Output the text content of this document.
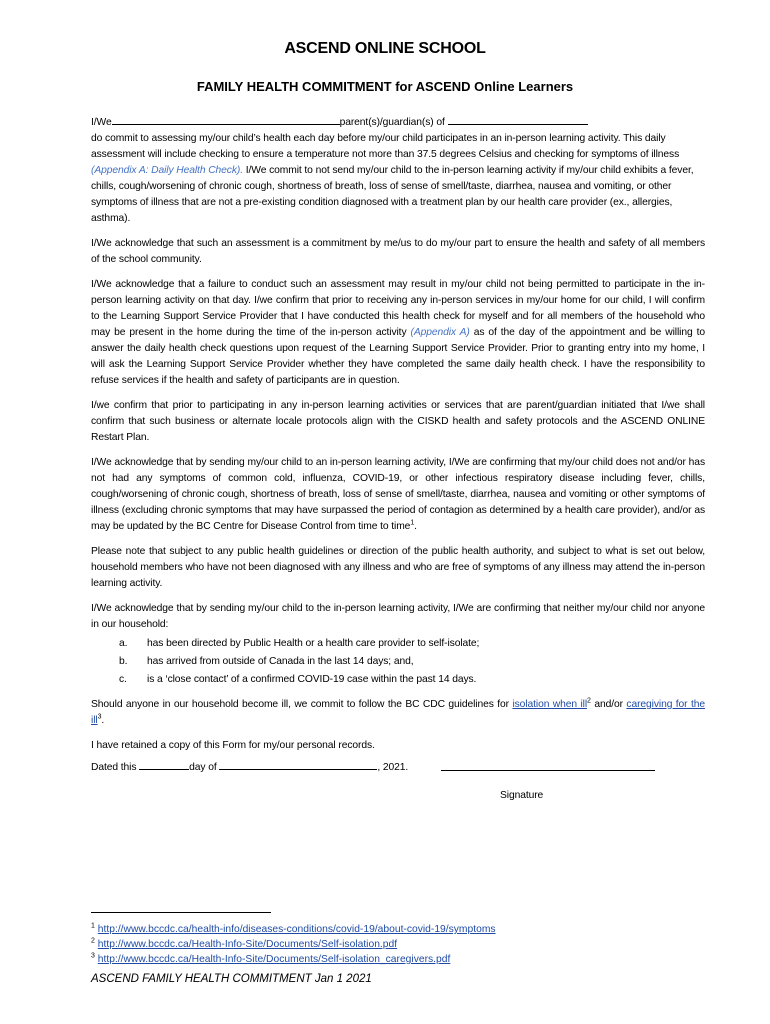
ASCEND ONLINE SCHOOL
FAMILY HEALTH COMMITMENT for ASCEND Online Learners

I/We	parent(s)/guardian(s) of
do commit to assessing my/our child’s health each day before my/our child participates in an in-person learning activity. This daily assessment will include checking to ensure a temperature not more than 37.5 degrees Celsius and checking for symptoms of illness (Appendix A: Daily Health Check). I/We commit to not send my/our child to the in-person learning activity if my/our child exhibits a fever, chills, cough/worsening of chronic cough, shortness of breath, loss of sense of smell/taste, diarrhea, nausea and vomiting, or other symptoms of illness that are not a pre-existing condition diagnosed with a treatment plan by our health care provider (ex., allergies, asthma).

I/We acknowledge that such an assessment is a commitment by me/us to do my/our part to ensure the health and safety of all members of the school community.

I/We acknowledge that a failure to conduct such an assessment may result in my/our child not being permitted to participate in the in-person learning activity on that day. I/we confirm that prior to receiving any in-person services in my/our home for our child, I will confirm to the Learning Support Service Provider that I have conducted this health check for myself and for all members of the household who may be present in the home during the time of the in-person activity (Appendix A) as of the day of the appointment and be willing to answer the daily health check questions upon request of the Learning Support Service Provider. Prior to granting entry into my home, I will ask the Learning Support Service Provider whether they have completed the same daily health check. I have the responsibility to refuse services if the health and safety of participants are in question.

I/we confirm that prior to participating in any in-person learning activities or services that are parent/guardian initiated that I/we shall confirm that such business or alternate locale protocols align with the CISKD health and safety protocols and the ASCEND ONLINE Restart Plan.

I/We acknowledge that by sending my/our child to an in-person learning activity, I/We are confirming that my/our child does not and/or has not had any symptoms of common cold, influenza, COVID-19, or other infectious respiratory disease including fever, chills, cough/worsening of chronic cough, shortness of breath, loss of sense of smell/taste, diarrhea, nausea and vomiting or other symptoms of illness (excluding chronic symptoms that may have surpassed the period of contagion as determined by a health care provider), and/or as may be updated by the BC Centre for Disease Control from time to time$^1$.

Please note that subject to any public health guidelines or direction of the public health authority, and subject to what is set out below, household members who have not been diagnosed with any illness and who are free of symptoms of any illness may attend the in-person learning activity.

I/We acknowledge that by sending my/our child to the in-person learning activity, I/We are confirming that neither my/our child nor anyone in our household:

a.	has been directed by Public Health or a health care provider to self-isolate;
b.	has arrived from outside of Canada in the last 14 days; and,
c.	is a ‘close contact’ of a confirmed COVID-19 case within the past 14 days.

Should anyone in our household become ill, we commit to follow the BC CDC guidelines for isolation when ill$^2$ and/or caregiving for the ill$^3$.

I have retained a copy of this Form for my/our personal records.

Dated this	day of	, 2021.
Signature
$^1$ http://www.bccdc.ca/health-info/diseases-conditions/covid-19/about-covid-19/symptoms
$^2$ http://www.bccdc.ca/Health-Info-Site/Documents/Self-isolation.pdf
$^3$ http://www.bccdc.ca/Health-Info-Site/Documents/Self-isolation_caregivers.pdf
ASCEND FAMILY HEALTH COMMITMENT Jan 1 2021
